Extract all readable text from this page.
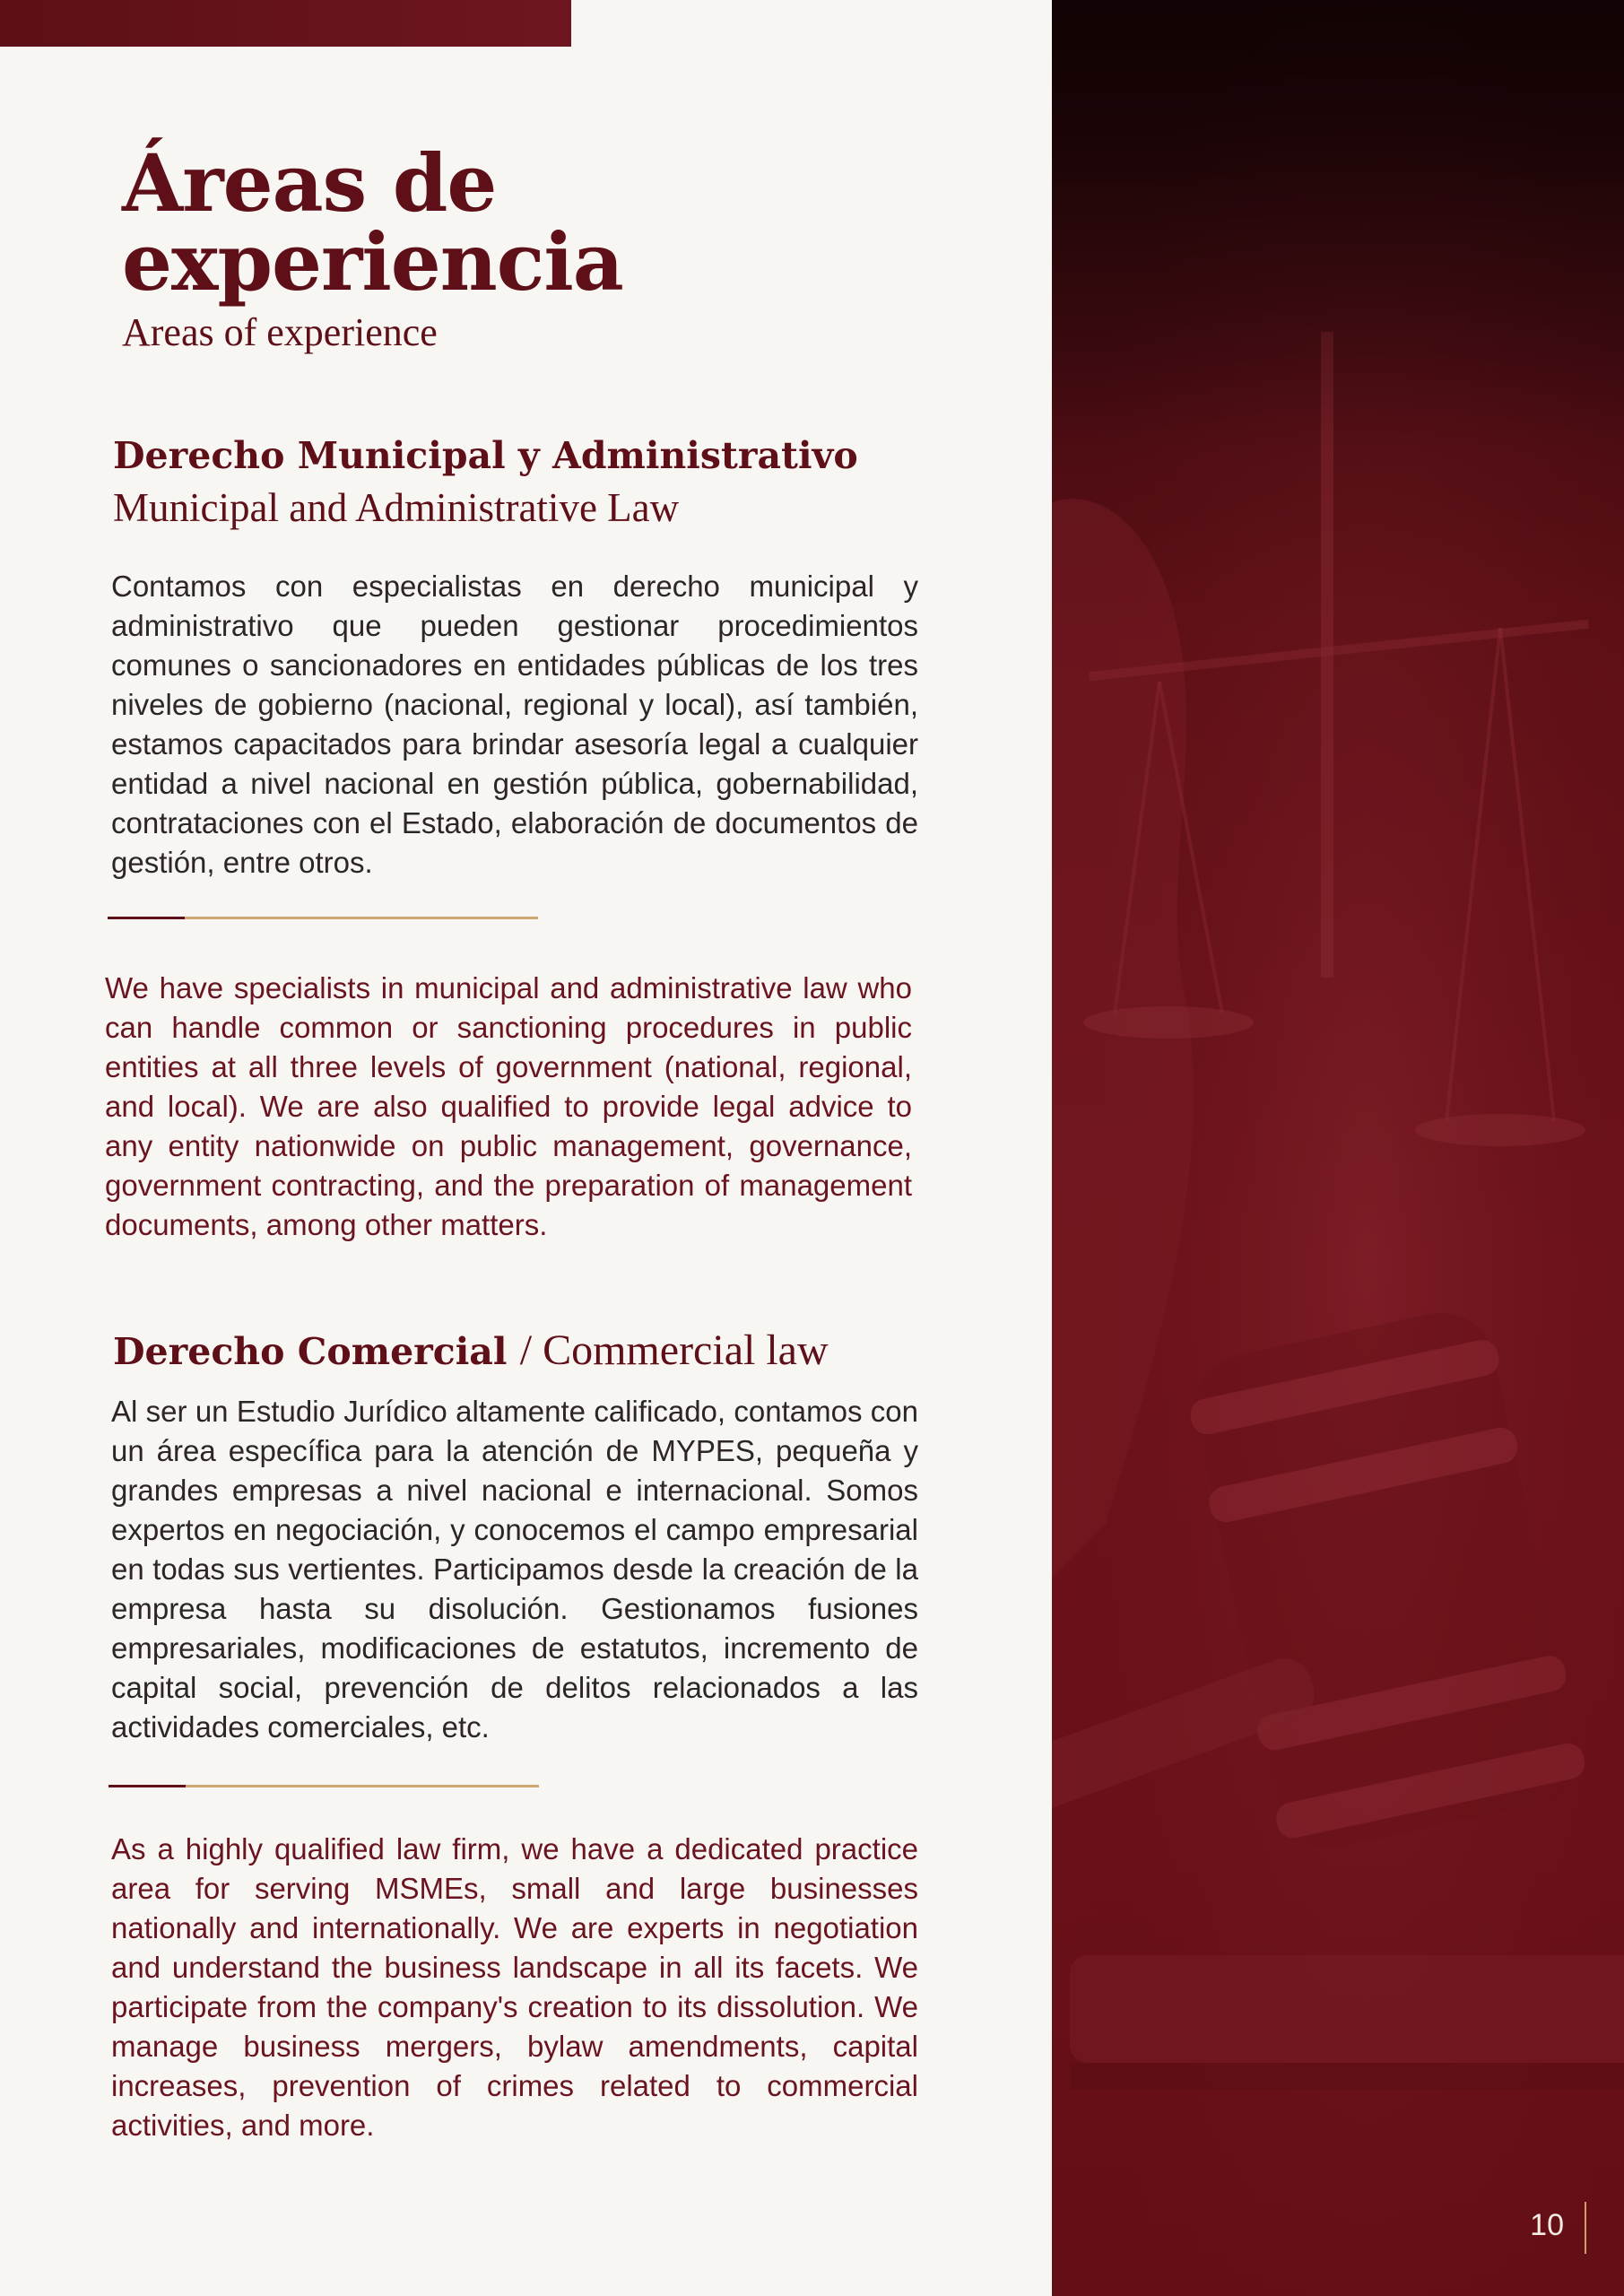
Áreas de
experiencia

Areas of experience

Derecho Municipal y Administrativo

Municipal and Administrative Law

Contamos con especialistas en derecho municipal y administrativo que pueden gestionar procedimientos comunes o sancionadores en entidades públicas de los tres niveles de gobierno (nacional, regional y local), así también, estamos capacitados para brindar asesoría legal a cualquier entidad a nivel nacional en gestión pública, gobernabilidad, contrataciones con el Estado, elaboración de documentos de gestión, entre otros.

We have specialists in municipal and administrative law who can handle common or sanctioning procedures in public entities at all three levels of government (national, regional, and local). We are also qualified to provide legal advice to any entity nationwide on public management, governance, government contracting, and the preparation of management documents, among other matters.

Derecho Comercial / Commercial law

Al ser un Estudio Jurídico altamente calificado, contamos con un área específica para la atención de MYPES, pequeña y grandes empresas a nivel nacional e internacional. Somos expertos en negociación, y conocemos el campo empresarial en todas sus vertientes. Participamos desde la creación de la empresa hasta su disolución. Gestionamos fusiones empresariales, modificaciones de estatutos, incremento de capital social, prevención de delitos relacionados a las actividades comerciales, etc.

As a highly qualified law firm, we have a dedicated practice area for serving MSMEs, small and large businesses nationally and internationally. We are experts in negotiation and understand the business landscape in all its facets. We participate from the company's creation to its dissolution. We manage business mergers, bylaw amendments, capital increases, prevention of crimes related to commercial activities, and more.

10
